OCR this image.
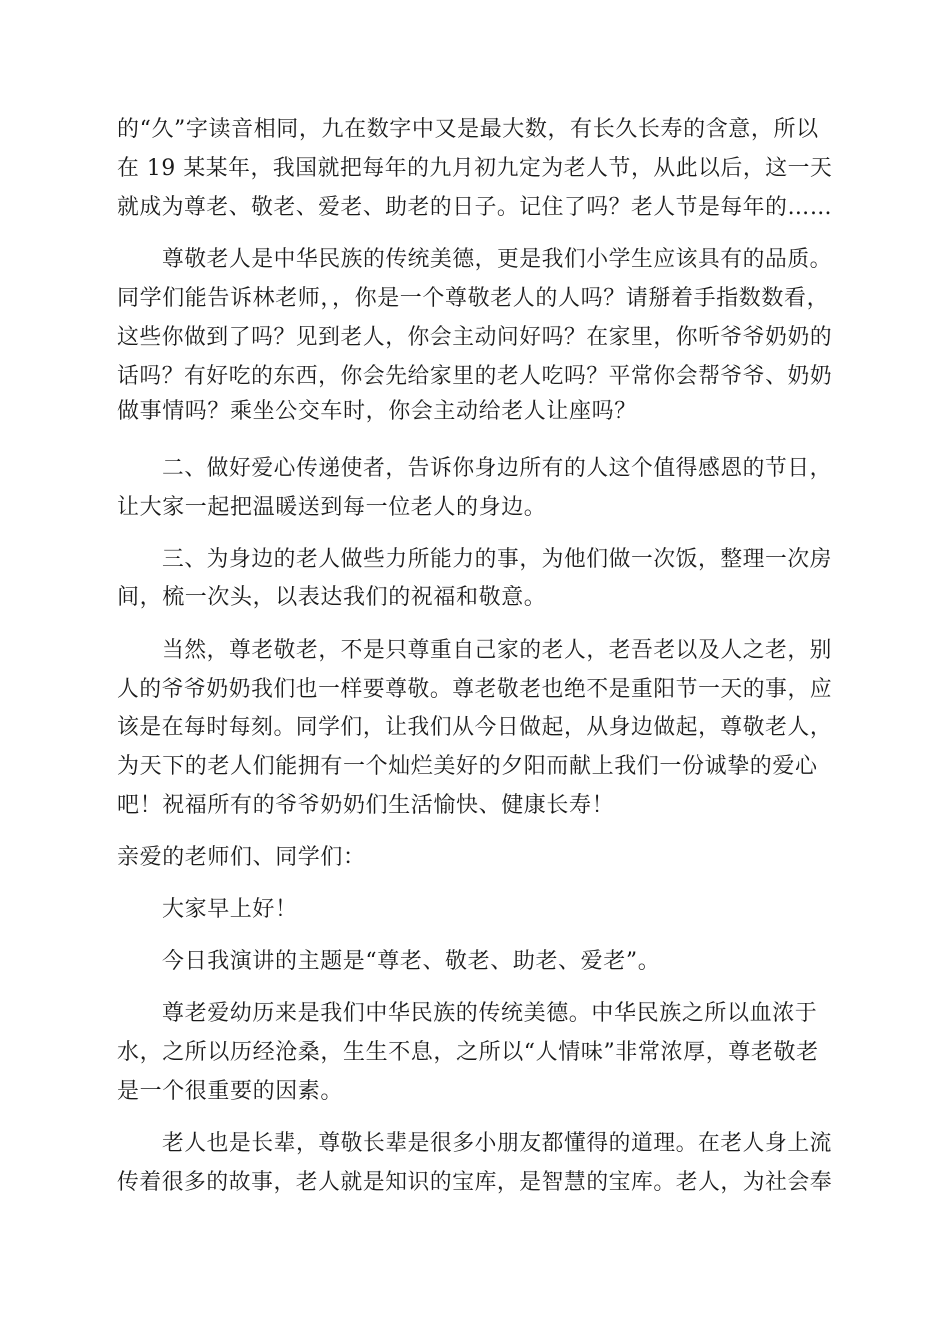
的“久”字读音相同，九在数字中又是最大数，有长久长寿的含意，所以
在 19 某某年，我国就把每年的九月初九定为老人节，从此以后，这一天
就成为尊老、敬老、爱老、助老的日子。记住了吗？老人节是每年的……
尊敬老人是中华民族的传统美德，更是我们小学生应该具有的品质。
同学们能告诉林老师，，你是一个尊敬老人的人吗？请掰着手指数数看，
这些你做到了吗？见到老人，你会主动问好吗？在家里，你听爷爷奶奶的
话吗？有好吃的东西，你会先给家里的老人吃吗？平常你会帮爷爷、奶奶
做事情吗？乘坐公交车时，你会主动给老人让座吗？
二、做好爱心传递使者，告诉你身边所有的人这个值得感恩的节日，
让大家一起把温暖送到每一位老人的身边。
三、为身边的老人做些力所能力的事，为他们做一次饭，整理一次房
间，梳一次头，以表达我们的祝福和敬意。
当然，尊老敬老，不是只尊重自己家的老人，老吾老以及人之老，别
人的爷爷奶奶我们也一样要尊敬。尊老敬老也绝不是重阳节一天的事，应
该是在每时每刻。同学们，让我们从今日做起，从身边做起，尊敬老人，
为天下的老人们能拥有一个灿烂美好的夕阳而献上我们一份诚挚的爱心
吧！祝福所有的爷爷奶奶们生活愉快、健康长寿！
亲爱的老师们、同学们：
大家早上好！
今日我演讲的主题是“尊老、敬老、助老、爱老”。
尊老爱幼历来是我们中华民族的传统美德。中华民族之所以血浓于
水，之所以历经沧桑，生生不息，之所以“人情味”非常浓厚，尊老敬老
是一个很重要的因素。
老人也是长辈，尊敬长辈是很多小朋友都懂得的道理。在老人身上流
传着很多的故事，老人就是知识的宝库，是智慧的宝库。老人，为社会奉
